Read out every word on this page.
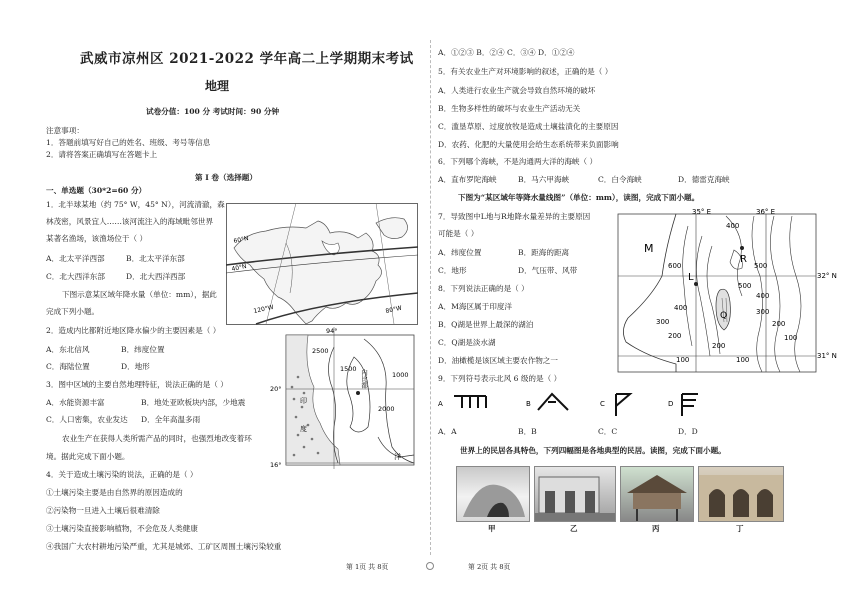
武威市凉州区 2021-2022 学年高二上学期期末考试
地理
试卷分值：100 分 考试时间：90 分钟
注意事项：
1．答题前填写好自己的姓名、班级、考号等信息
2．请将答案正确填写在答题卡上
第 I 卷（选择题）
一、单选题（30*2=60 分）
1．北半球某地（约 75° W，45° N），河流清澈，森
林茂密，风景宜人……该河流注入的海域毗邻世界
某著名渔场，该渔场位于（ ）
A．北太平洋西部	B．北太平洋东部
C．北大西洋东部	D．北大西洋西部
下图示意某区域年降水量（单位：mm），据此
完成下列小题。
2．造成内比都附近地区降水偏少的主要因素是（ ）
A．东北信风	B．纬度位置
C．海陆位置	D．地形
3．图中区域的主要自然地理特征，说法正确的是（ ）
A．水能资源丰富	B．地处亚欧板块内部，少地震
C．人口密集，农业发达 D．全年高温多雨
农业生产在获得人类所需产品的同时，也强烈地改变着环
境。据此完成下面小题。
4．关于造成土壤污染的说法，正确的是（ ）
①土壤污染主要是由自然界的原因造成的
②污染物一旦进入土壤后很难清除
③土壤污染直接影响植物，不会危及人类健康
④我国广大农村耕地污染严重，尤其是城郊、工矿区周围土壤污染较重
60°N
40°N
120°W	80°W
94°
20°
16°
2500
1500
1000
2000
内比都
印
度
洋
第 1页 共 8页
A．①②③ B．②④ C．③④ D．①②④
5．有关农业生产对环境影响的叙述，正确的是（ ）
A．人类进行农业生产就会导致自然环境的破坏
B．生物多样性的破坏与农业生产活动无关
C．滥垦草原、过度放牧是造成土壤盐渍化的主要原因
D．农药、化肥的大量使用会给生态系统带来负面影响
6．下列哪个海峡，不是沟通两大洋的海峡（ ）
A．直布罗陀海峡	B．马六甲海峡	C．白令海峡	D．德雷克海峡
下图为“某区域年等降水量线图”（单位：mm），读图，完成下面小题。
7．导致图中L地与R地降水量差异的主要原因
可能是（ ）
A．纬度位置	B．距海的距离
C．地形	D．气压带、风带
8．下列说法正确的是（ ）
A．M海区属于印度洋
B．Q湖是世界上最深的湖泊
C．Q湖是淡水湖
D．油橄榄是该区域主要农作物之一
9．下列符号表示北风 6 级的是（ ）
A	B	C	D
A．A	B．B	C．C	D．D
世界上的民居各具特色，下列四幅图是各地典型的民居。读图，完成下面小题。
甲	乙	丙	丁
35° E	36° E
32° N
31° N
M
L
R
Q
400
600
500
500
400
300
200
100
400
300
200
100
200
100
第 2页 共 8页
